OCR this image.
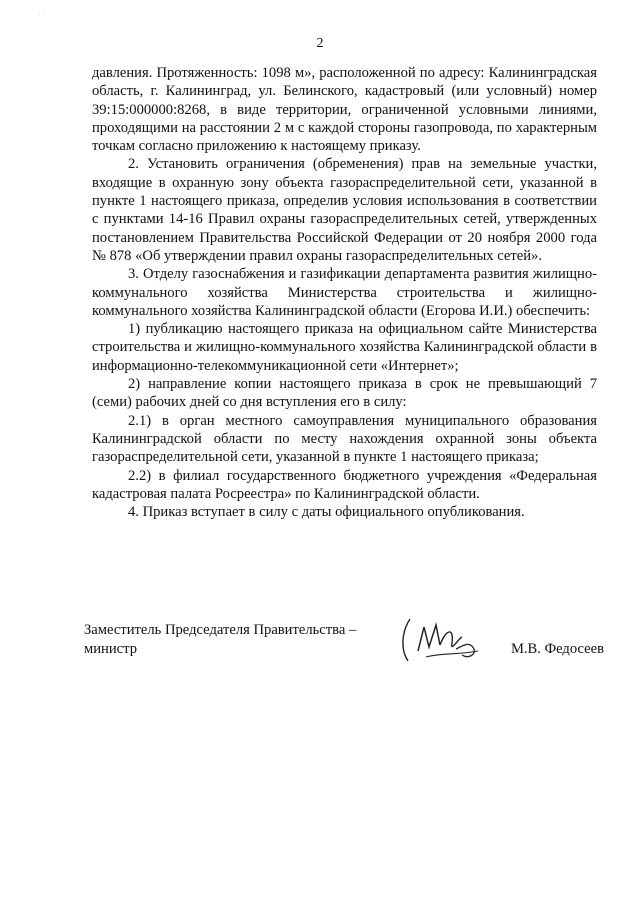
· ·
2

давления. Протяженность: 1098 м», расположенной по адресу: Калининградская область, г. Калининград, ул. Белинского, кадастровый (или условный) номер 39:15:000000:8268, в виде территории, ограниченной условными линиями, проходящими на расстоянии 2 м с каждой стороны газопровода, по характерным точкам согласно приложению к настоящему приказу.

2. Установить ограничения (обременения) прав на земельные участки, входящие в охранную зону объекта газораспределительной сети, указанной в пункте 1 настоящего приказа, определив условия использования в соответствии с пунктами 14-16 Правил охраны газораспределительных сетей, утвержденных постановлением Правительства Российской Федерации от 20 ноября 2000 года № 878 «Об утверждении правил охраны газораспределительных сетей».

3. Отделу газоснабжения и газификации департамента развития жилищно-коммунального хозяйства Министерства строительства и жилищно-коммунального хозяйства Калининградской области (Егорова И.И.) обеспечить:

1) публикацию настоящего приказа на официальном сайте Министерства строительства и жилищно-коммунального хозяйства Калининградской области в информационно-телекоммуникационной сети «Интернет»;

2) направление копии настоящего приказа в срок не превышающий 7 (семи) рабочих дней со дня вступления его в силу:

2.1) в орган местного самоуправления муниципального образования Калининградской области по месту нахождения охранной зоны объекта газораспределительной сети, указанной в пункте 1 настоящего приказа;

2.2) в филиал государственного бюджетного учреждения «Федеральная кадастровая палата Росреестра» по Калининградской области.

4. Приказ вступает в силу с даты официального опубликования.

Заместитель Председателя Правительства –
министр	М.В. Федосеев
